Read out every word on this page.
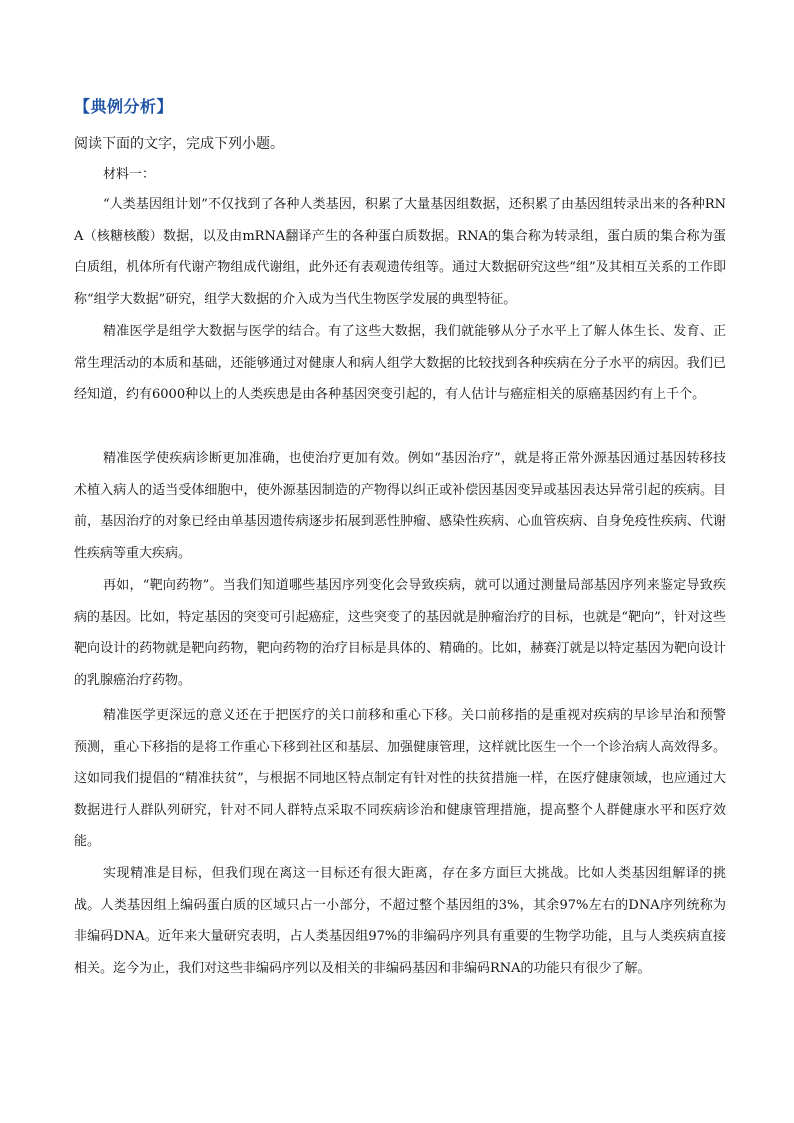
【典例分析】
阅读下面的文字，完成下列小题。
材料一：

“人类基因组计划”不仅找到了各种人类基因，积累了大量基因组数据，还积累了由基因组转录出来的各种RNA（核糖核酸）数据，以及由mRNA翻译产生的各种蛋白质数据。RNA的集合称为转录组，蛋白质的集合称为蛋白质组，机体所有代谢产物组成代谢组，此外还有表观遗传组等。通过大数据研究这些“组”及其相互关系的工作即称“组学大数据”研究，组学大数据的介入成为当代生物医学发展的典型特征。

精准医学是组学大数据与医学的结合。有了这些大数据，我们就能够从分子水平上了解人体生长、发育、正常生理活动的本质和基础，还能够通过对健康人和病人组学大数据的比较找到各种疾病在分子水平的病因。我们已经知道，约有6000种以上的人类疾患是由各种基因突变引起的，有人估计与癌症相关的原癌基因约有上千个。

精准医学使疾病诊断更加准确，也使治疗更加有效。例如“基因治疗”，就是将正常外源基因通过基因转移技术植入病人的适当受体细胞中，使外源基因制造的产物得以纠正或补偿因基因变异或基因表达异常引起的疾病。目前，基因治疗的对象已经由单基因遗传病逐步拓展到恶性肿瘤、感染性疾病、心血管疾病、自身免疫性疾病、代谢性疾病等重大疾病。

再如，“靶向药物”。当我们知道哪些基因序列变化会导致疾病，就可以通过测量局部基因序列来鉴定导致疾病的基因。比如，特定基因的突变可引起癌症，这些突变了的基因就是肿瘤治疗的目标，也就是“靶向”，针对这些靶向设计的药物就是靶向药物，靶向药物的治疗目标是具体的、精确的。比如，赫赛汀就是以特定基因为靶向设计的乳腺癌治疗药物。

精准医学更深远的意义还在于把医疗的关口前移和重心下移。关口前移指的是重视对疾病的早诊早治和预警预测，重心下移指的是将工作重心下移到社区和基层、加强健康管理，这样就比医生一个一个诊治病人高效得多。这如同我们提倡的“精准扶贫”，与根据不同地区特点制定有针对性的扶贫措施一样，在医疗健康领域，也应通过大数据进行人群队列研究，针对不同人群特点采取不同疾病诊治和健康管理措施，提高整个人群健康水平和医疗效能。

实现精准是目标，但我们现在离这一目标还有很大距离，存在多方面巨大挑战。比如人类基因组解译的挑战。人类基因组上编码蛋白质的区域只占一小部分，不超过整个基因组的3%，其余97%左右的DNA序列统称为非编码DNA。近年来大量研究表明，占人类基因组97%的非编码序列具有重要的生物学功能，且与人类疾病直接相关。迄今为止，我们对这些非编码序列以及相关的非编码基因和非编码RNA的功能只有很少了解。
